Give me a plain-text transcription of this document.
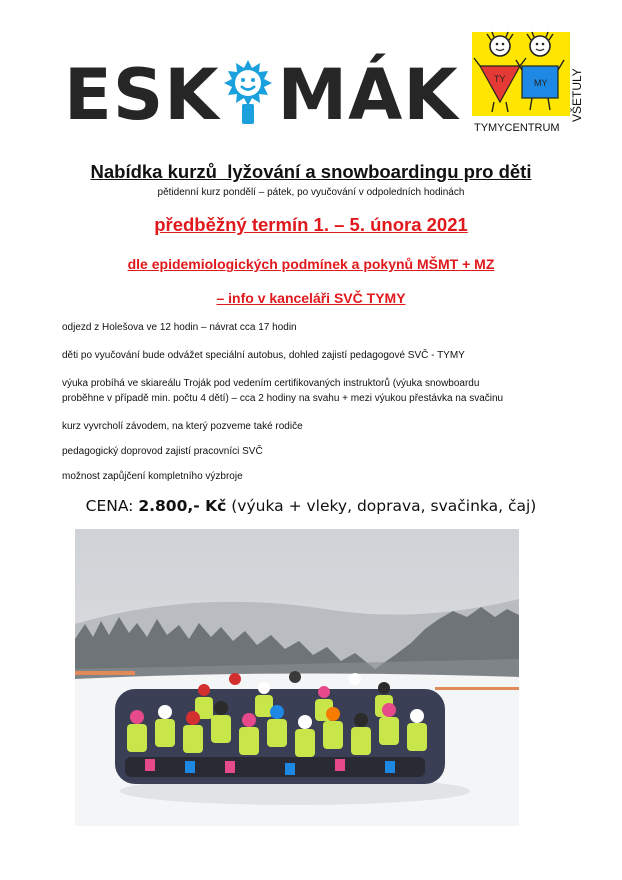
ESK MÁK	TY	MY
TYMYCENTRUM
VŠETULY
Nabídka kurzů  lyžování a snowboardingu pro děti
pětidenní kurz pondělí – pátek, po vyučování v odpoledních hodinách
předběžný termín 1. – 5. února 2021
dle epidemiologických podmínek a pokynů MŠMT + MZ
– info v kanceláři SVČ TYMY
odjezd z Holešova ve 12 hodin – návrat cca 17 hodin
děti po vyučování bude odvážet speciální autobus, dohled zajistí pedagogové SVČ - TYMY
výuka probíhá ve skiareálu Troják pod vedením certifikovaných instruktorů (výuka snowboardu
proběhne v případě min. počtu 4 dětí) – cca 2 hodiny na svahu + mezi výukou přestávka na svačinu
kurz vyvrcholí závodem, na který pozveme také rodiče
pedagogický doprovod zajistí pracovníci SVČ
možnost zapůjčení kompletního výzbroje
CENA: 2.800,- Kč (výuka + vleky, doprava, svačinka, čaj)
